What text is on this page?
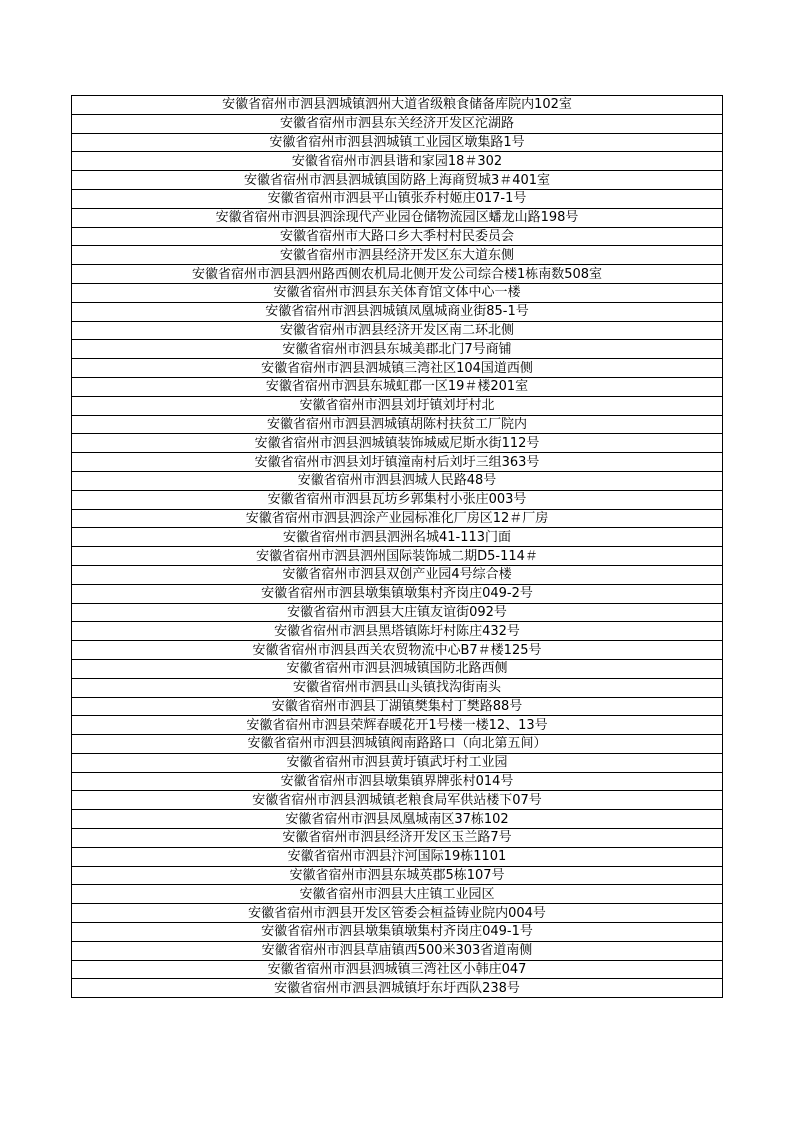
安徽省宿州市泗县泗城镇泗州大道省级粮食储备库院内102室
安徽省宿州市泗县东关经济开发区沱湖路
安徽省宿州市泗县泗城镇工业园区墩集路1号
安徽省宿州市泗县谐和家园18＃302
安徽省宿州市泗县泗城镇国防路上海商贸城3＃401室
安徽省宿州市泗县平山镇张乔村姬庄017-1号
安徽省宿州市泗县泗涂现代产业园仓储物流园区蟠龙山路198号
安徽省宿州市大路口乡大季村村民委员会
安徽省宿州市泗县经济开发区东大道东侧
安徽省宿州市泗县泗州路西侧农机局北侧开发公司综合楼1栋南数508室
安徽省宿州市泗县东关体育馆文体中心一楼
安徽省宿州市泗县泗城镇凤凰城商业街85-1号
安徽省宿州市泗县经济开发区南二环北侧
安徽省宿州市泗县东城美郡北门7号商铺
安徽省宿州市泗县泗城镇三湾社区104国道西侧
安徽省宿州市泗县东城虹郡一区19＃楼201室
安徽省宿州市泗县刘圩镇刘圩村北
安徽省宿州市泗县泗城镇胡陈村扶贫工厂院内
安徽省宿州市泗县泗城镇装饰城威尼斯水街112号
安徽省宿州市泗县刘圩镇潼南村后刘圩三组363号
安徽省宿州市泗县泗城人民路48号
安徽省宿州市泗县瓦坊乡郭集村小张庄003号
安徽省宿州市泗县泗涂产业园标准化厂房区12＃厂房
安徽省宿州市泗县泗洲名城41-113门面
安徽省宿州市泗县泗州国际装饰城二期D5-114＃
安徽省宿州市泗县双创产业园4号综合楼
安徽省宿州市泗县墩集镇墩集村齐岗庄049-2号
安徽省宿州市泗县大庄镇友谊街092号
安徽省宿州市泗县黑塔镇陈圩村陈庄432号
安徽省宿州市泗县西关农贸物流中心B7＃楼125号
安徽省宿州市泗县泗城镇国防北路西侧
安徽省宿州市泗县山头镇找沟街南头
安徽省宿州市泗县丁湖镇樊集村丁樊路88号
安徽省宿州市泗县荣辉春暖花开1号楼一楼12、13号
安徽省宿州市泗县泗城镇阀南路路口（向北第五间）
安徽省宿州市泗县黄圩镇武圩村工业园
安徽省宿州市泗县墩集镇界牌张村014号
安徽省宿州市泗县泗城镇老粮食局军供站楼下07号
安徽省宿州市泗县凤凰城南区37栋102
安徽省宿州市泗县经济开发区玉兰路7号
安徽省宿州市泗县汴河国际19栋1101
安徽省宿州市泗县东城英郡5栋107号
安徽省宿州市泗县大庄镇工业园区
安徽省宿州市泗县开发区管委会桓益铸业院内004号
安徽省宿州市泗县墩集镇墩集村齐岗庄049-1号
安徽省宿州市泗县草庙镇西500米303省道南侧
安徽省宿州市泗县泗城镇三湾社区小韩庄047
安徽省宿州市泗县泗城镇圩东圩西队238号
